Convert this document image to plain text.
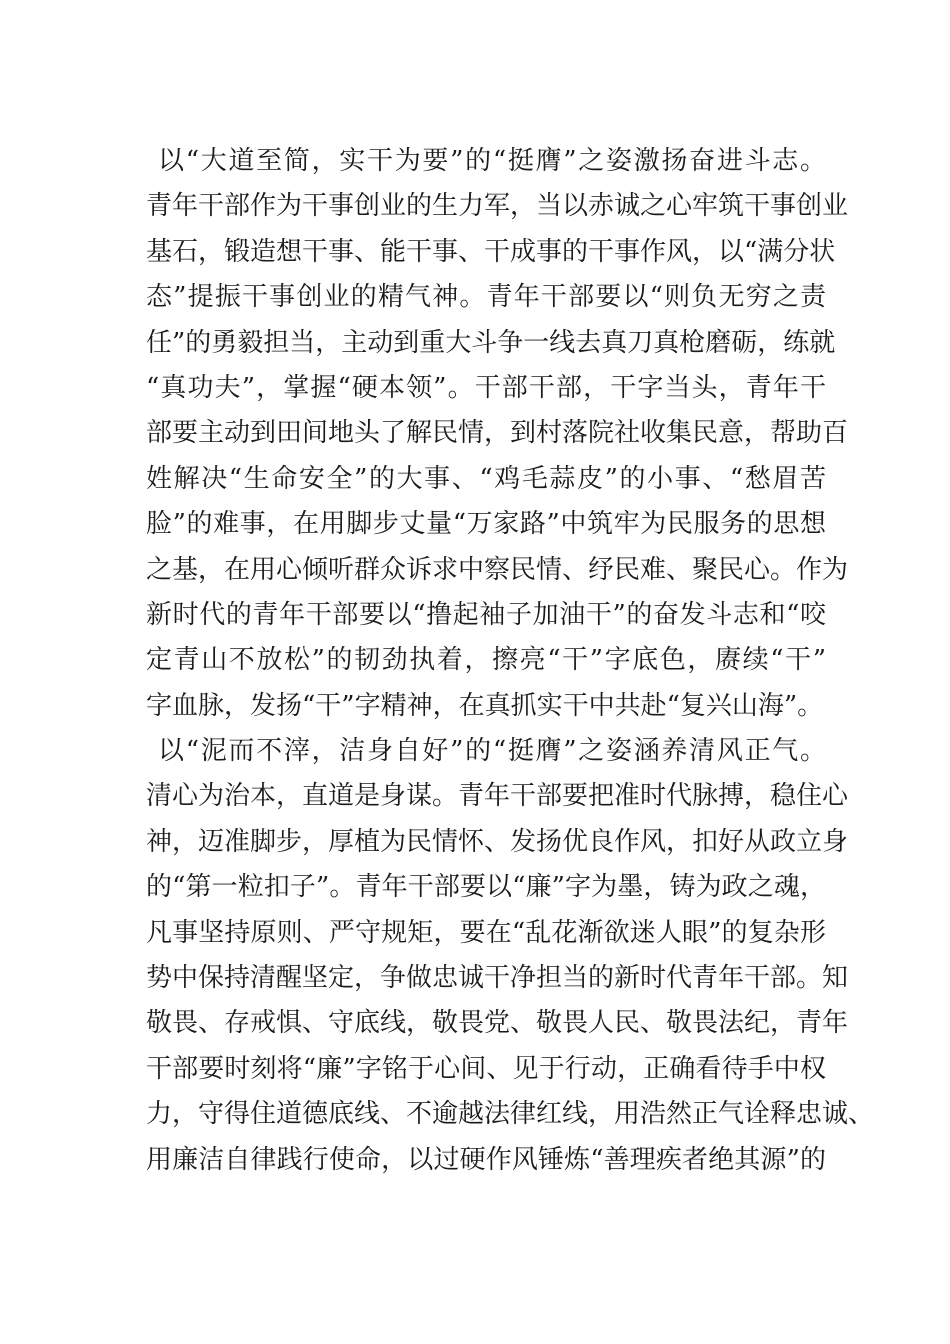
以“大道至简，实干为要”的“挺膺”之姿激扬奋进斗志。
青年干部作为干事创业的生力军，当以赤诚之心牢筑干事创业
基石，锻造想干事、能干事、干成事的干事作风，以“满分状
态”提振干事创业的精气神。青年干部要以“则负无穷之责
任”的勇毅担当，主动到重大斗争一线去真刀真枪磨砺，练就
“真功夫”，掌握“硬本领”。干部干部，干字当头，青年干
部要主动到田间地头了解民情，到村落院社收集民意，帮助百
姓解决“生命安全”的大事、“鸡毛蒜皮”的小事、“愁眉苦
脸”的难事，在用脚步丈量“万家路”中筑牢为民服务的思想
之基，在用心倾听群众诉求中察民情、纾民难、聚民心。作为
新时代的青年干部要以“撸起袖子加油干”的奋发斗志和“咬
定青山不放松”的韧劲执着，擦亮“干”字底色，赓续“干”
字血脉，发扬“干”字精神，在真抓实干中共赴“复兴山海”。
以“泥而不滓，洁身自好”的“挺膺”之姿涵养清风正气。
清心为治本，直道是身谋。青年干部要把准时代脉搏，稳住心
神，迈准脚步，厚植为民情怀、发扬优良作风，扣好从政立身
的“第一粒扣子”。青年干部要以“廉”字为墨，铸为政之魂，
凡事坚持原则、严守规矩，要在“乱花渐欲迷人眼”的复杂形
势中保持清醒坚定，争做忠诚干净担当的新时代青年干部。知
敬畏、存戒惧、守底线，敬畏党、敬畏人民、敬畏法纪，青年
干部要时刻将“廉”字铭于心间、见于行动，正确看待手中权
力，守得住道德底线、不逾越法律红线，用浩然正气诠释忠诚、
用廉洁自律践行使命，以过硬作风锤炼“善理疾者绝其源”的
